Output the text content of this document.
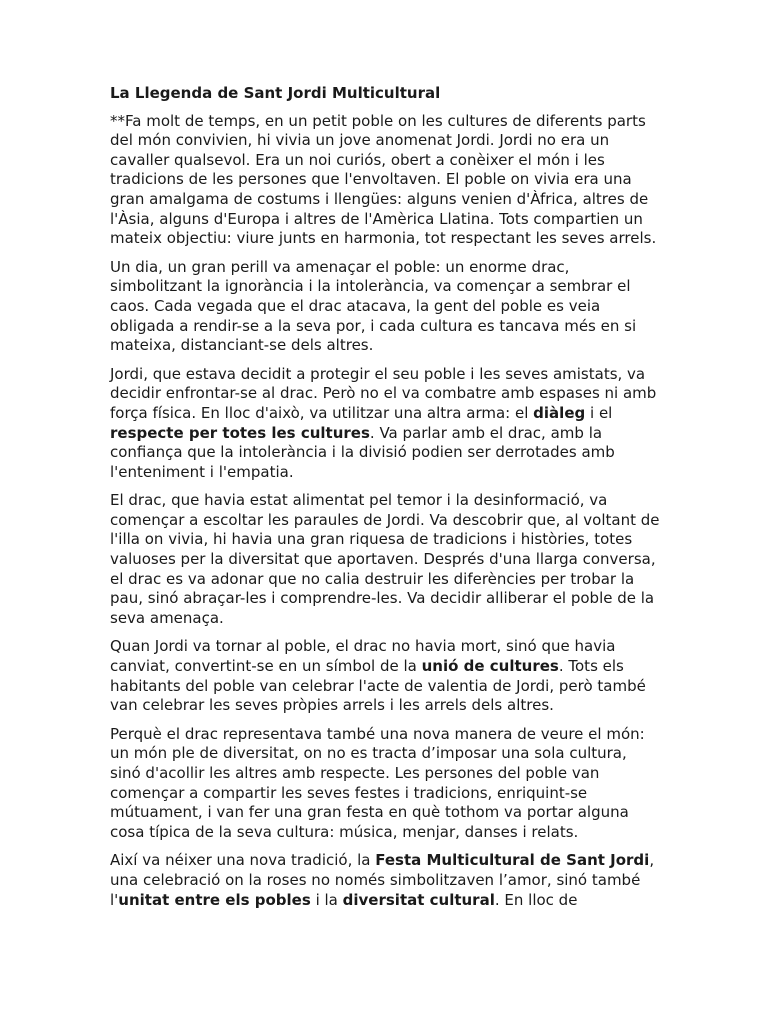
La Llegenda de Sant Jordi Multicultural

**Fa molt de temps, en un petit poble on les cultures de diferents parts del món convivien, hi vivia un jove anomenat Jordi. Jordi no era un cavaller qualsevol. Era un noi curiós, obert a conèixer el món i les tradicions de les persones que l'envoltaven. El poble on vivia era una gran amalgama de costums i llengües: alguns venien d'Àfrica, altres de l'Àsia, alguns d'Europa i altres de l'Amèrica Llatina. Tots compartien un mateix objectiu: viure junts en harmonia, tot respectant les seves arrels.

Un dia, un gran perill va amenaçar el poble: un enorme drac, simbolitzant la ignorància i la intolerància, va començar a sembrar el caos. Cada vegada que el drac atacava, la gent del poble es veia obligada a rendir-se a la seva por, i cada cultura es tancava més en si mateixa, distanciant-se dels altres.

Jordi, que estava decidit a protegir el seu poble i les seves amistats, va decidir enfrontar-se al drac. Però no el va combatre amb espases ni amb força física. En lloc d'això, va utilitzar una altra arma: el diàleg i el respecte per totes les cultures. Va parlar amb el drac, amb la confiança que la intolerància i la divisió podien ser derrotades amb l'enteniment i l'empatia.

El drac, que havia estat alimentat pel temor i la desinformació, va començar a escoltar les paraules de Jordi. Va descobrir que, al voltant de l'illa on vivia, hi havia una gran riquesa de tradicions i històries, totes valuoses per la diversitat que aportaven. Després d'una llarga conversa, el drac es va adonar que no calia destruir les diferències per trobar la pau, sinó abraçar-les i comprendre-les. Va decidir alliberar el poble de la seva amenaça.

Quan Jordi va tornar al poble, el drac no havia mort, sinó que havia canviat, convertint-se en un símbol de la unió de cultures. Tots els habitants del poble van celebrar l'acte de valentia de Jordi, però també van celebrar les seves pròpies arrels i les arrels dels altres.

Perquè el drac representava també una nova manera de veure el món: un món ple de diversitat, on no es tracta d’imposar una sola cultura, sinó d'acollir les altres amb respecte. Les persones del poble van començar a compartir les seves festes i tradicions, enriquint-se mútuament, i van fer una gran festa en què tothom va portar alguna cosa típica de la seva cultura: música, menjar, danses i relats.

Així va néixer una nova tradició, la Festa Multicultural de Sant Jordi, una celebració on la roses no només simbolitzaven l’amor, sinó també l'unitat entre els pobles i la diversitat cultural. En lloc de
